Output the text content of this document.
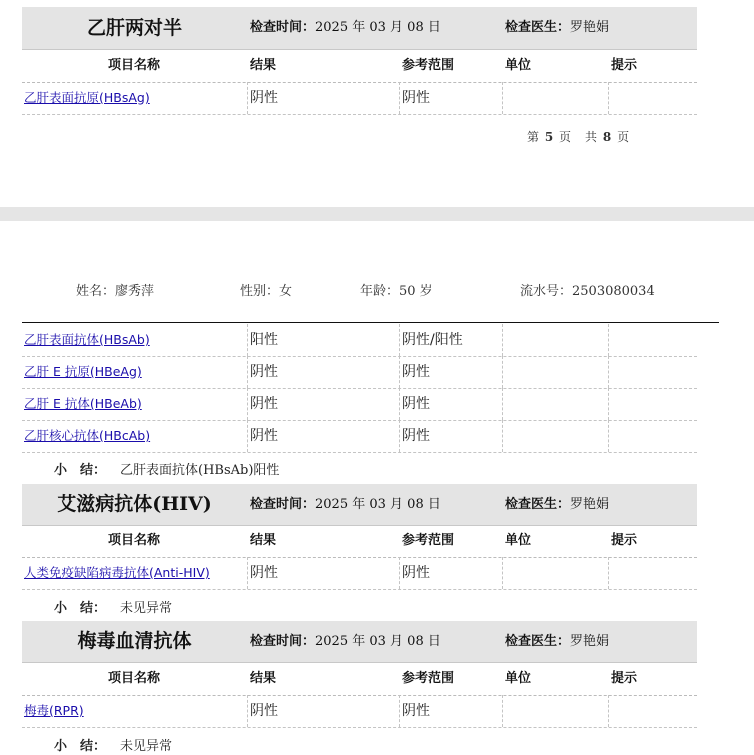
乙肝两对半	检查时间：2025 年 03 月 08 日	检查医生：罗艳娟
项目名称	结果	参考范围	单位	提示
乙肝表面抗原(HBsAg)	阴性	阴性
第 5 页　共 8 页
姓名：廖秀萍	性别：女	年龄：50 岁	流水号：2503080034
乙肝表面抗体(HBsAb)	阳性	阴性/阳性
乙肝 E 抗原(HBeAg)	阴性	阴性
乙肝 E 抗体(HBeAb)	阴性	阴性
乙肝核心抗体(HBcAb)	阴性	阴性
小　结： 乙肝表面抗体(HBsAb)阳性
艾滋病抗体(HIV)	检查时间：2025 年 03 月 08 日	检查医生：罗艳娟
项目名称	结果	参考范围	单位	提示
人类免疫缺陷病毒抗体(Anti-HIV)	阴性	阴性
小　结： 未见异常
梅毒血清抗体	检查时间：2025 年 03 月 08 日	检查医生：罗艳娟
项目名称	结果	参考范围	单位	提示
梅毒(RPR)	阴性	阴性
小　结： 未见异常
